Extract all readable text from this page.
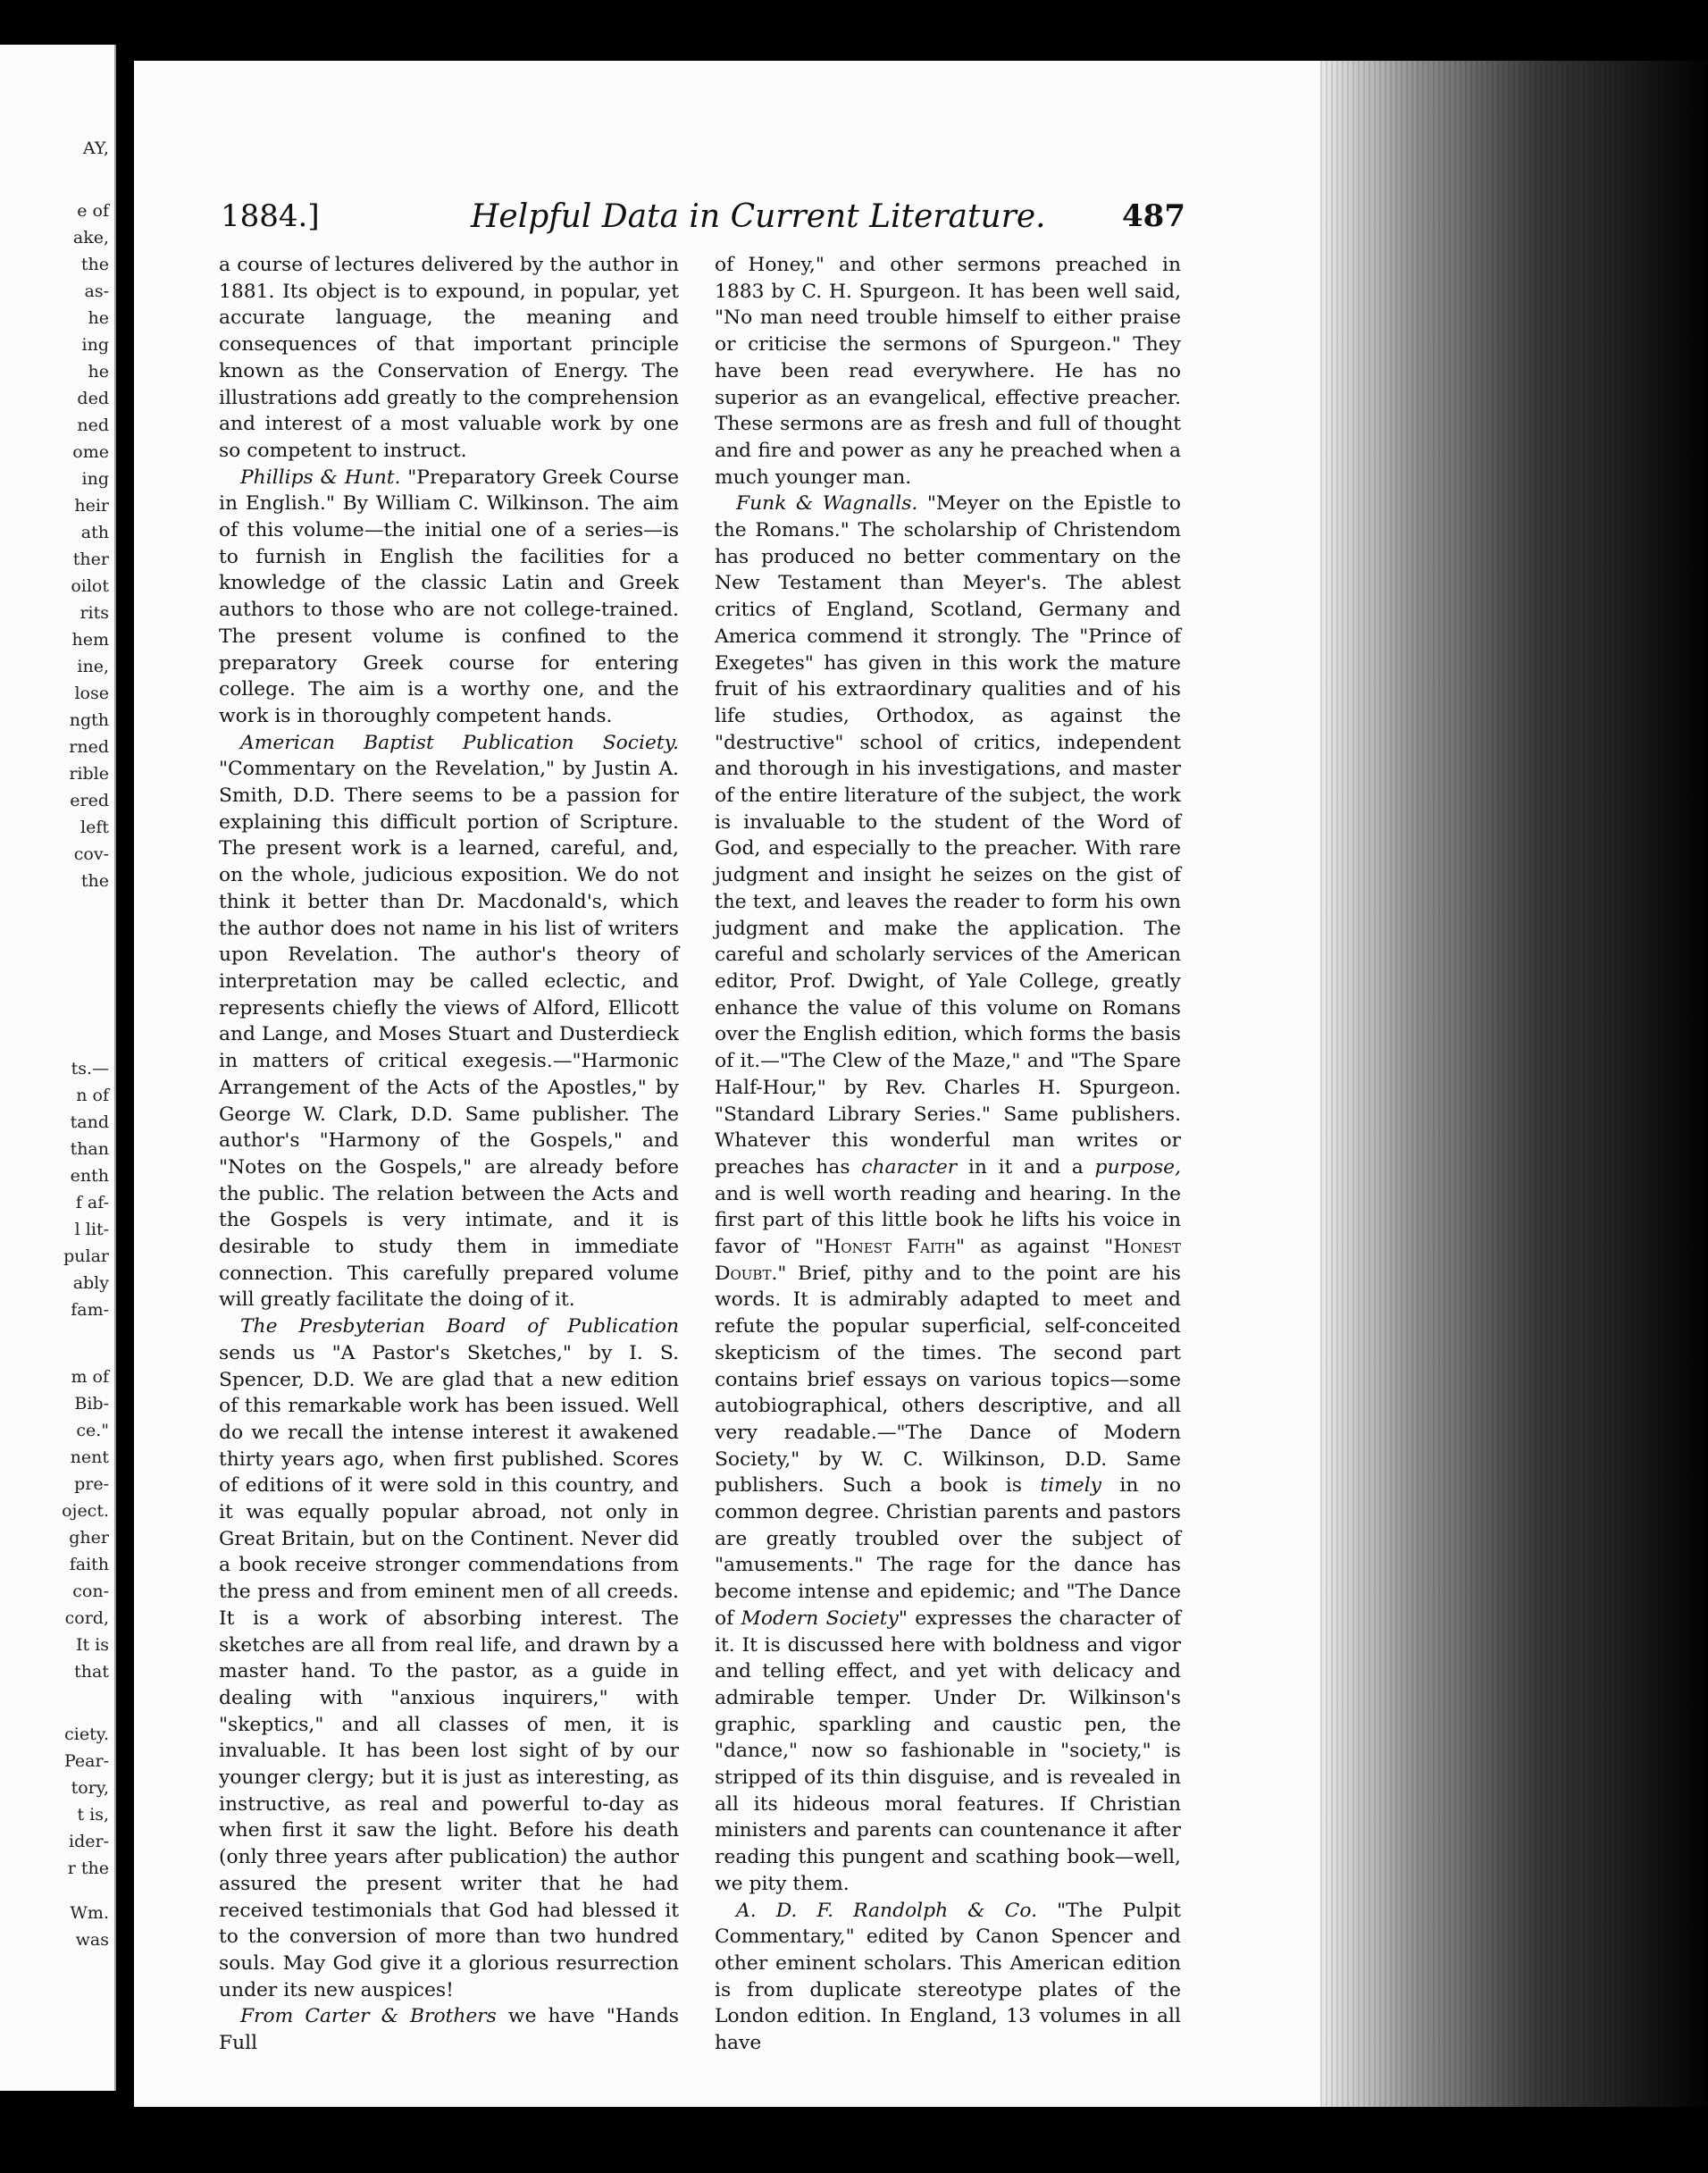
AY,
e of
ake,
the
as-
he
ing
he
ded
ned
ome
ing
heir
ath
ther
oilot
rits
hem
ine,
lose
ngth
rned
rible
ered
left
cov-
the
ts.—
n of
tand
than
enth
f af-
l lit-
pular
ably
fam-
m of
Bib-
ce."
nent
pre-
oject.
gher
faith
con-
cord,
It is
that
ciety.
Pear-
tory,
t is,
ider-
r the
Wm.
was
1884.]	Helpful Data in Current Literature.	487

a course of lectures delivered by the author in 1881. Its object is to expound, in popular, yet accurate language, the meaning and consequences of that important principle known as the Conservation of Energy. The illustrations add greatly to the comprehension and interest of a most valuable work by one so competent to instruct.

Phillips & Hunt. "Preparatory Greek Course in English." By William C. Wilkinson. The aim of this volume—the initial one of a series—is to furnish in English the facilities for a knowledge of the classic Latin and Greek authors to those who are not college-trained. The present volume is confined to the preparatory Greek course for entering college. The aim is a worthy one, and the work is in thoroughly competent hands.

American Baptist Publication Society. "Commentary on the Revelation," by Justin A. Smith, D.D. There seems to be a passion for explaining this difficult portion of Scripture. The present work is a learned, careful, and, on the whole, judicious exposition. We do not think it better than Dr. Macdonald's, which the author does not name in his list of writers upon Revelation. The author's theory of interpretation may be called eclectic, and represents chiefly the views of Alford, Ellicott and Lange, and Moses Stuart and Dusterdieck in matters of critical exegesis.—"Harmonic Arrangement of the Acts of the Apostles," by George W. Clark, D.D. Same publisher. The author's "Harmony of the Gospels," and "Notes on the Gospels," are already before the public. The relation between the Acts and the Gospels is very intimate, and it is desirable to study them in immediate connection. This carefully prepared volume will greatly facilitate the doing of it.

The Presbyterian Board of Publication sends us "A Pastor's Sketches," by I. S. Spencer, D.D. We are glad that a new edition of this remarkable work has been issued. Well do we recall the intense interest it awakened thirty years ago, when first published. Scores of editions of it were sold in this country, and it was equally popular abroad, not only in Great Britain, but on the Continent. Never did a book receive stronger commendations from the press and from eminent men of all creeds. It is a work of absorbing interest. The sketches are all from real life, and drawn by a master hand. To the pastor, as a guide in dealing with "anxious inquirers," with "skeptics," and all classes of men, it is invaluable. It has been lost sight of by our younger clergy; but it is just as interesting, as instructive, as real and powerful to-day as when first it saw the light. Before his death (only three years after publication) the author assured the present writer that he had received testimonials that God had blessed it to the conversion of more than two hundred souls. May God give it a glorious resurrection under its new auspices!

From Carter & Brothers we have "Hands Full

of Honey," and other sermons preached in 1883 by C. H. Spurgeon. It has been well said, "No man need trouble himself to either praise or criticise the sermons of Spurgeon." They have been read everywhere. He has no superior as an evangelical, effective preacher. These sermons are as fresh and full of thought and fire and power as any he preached when a much younger man.

Funk & Wagnalls. "Meyer on the Epistle to the Romans." The scholarship of Christendom has produced no better commentary on the New Testament than Meyer's. The ablest critics of England, Scotland, Germany and America commend it strongly. The "Prince of Exegetes" has given in this work the mature fruit of his extraordinary qualities and of his life studies, Orthodox, as against the "destructive" school of critics, independent and thorough in his investigations, and master of the entire literature of the subject, the work is invaluable to the student of the Word of God, and especially to the preacher. With rare judgment and insight he seizes on the gist of the text, and leaves the reader to form his own judgment and make the application. The careful and scholarly services of the American editor, Prof. Dwight, of Yale College, greatly enhance the value of this volume on Romans over the English edition, which forms the basis of it.—"The Clew of the Maze," and "The Spare Half-Hour," by Rev. Charles H. Spurgeon. "Standard Library Series." Same publishers. Whatever this wonderful man writes or preaches has character in it and a purpose, and is well worth reading and hearing. In the first part of this little book he lifts his voice in favor of "Honest Faith" as against "Honest Doubt." Brief, pithy and to the point are his words. It is admirably adapted to meet and refute the popular superficial, self-conceited skepticism of the times. The second part contains brief essays on various topics—some autobiographical, others descriptive, and all very readable.—"The Dance of Modern Society," by W. C. Wilkinson, D.D. Same publishers. Such a book is timely in no common degree. Christian parents and pastors are greatly troubled over the subject of "amusements." The rage for the dance has become intense and epidemic; and "The Dance of Modern Society" expresses the character of it. It is discussed here with boldness and vigor and telling effect, and yet with delicacy and admirable temper. Under Dr. Wilkinson's graphic, sparkling and caustic pen, the "dance," now so fashionable in "society," is stripped of its thin disguise, and is revealed in all its hideous moral features. If Christian ministers and parents can countenance it after reading this pungent and scathing book—well, we pity them.

A. D. F. Randolph & Co. "The Pulpit Commentary," edited by Canon Spencer and other eminent scholars. This American edition is from duplicate stereotype plates of the London edition. In England, 13 volumes in all have
